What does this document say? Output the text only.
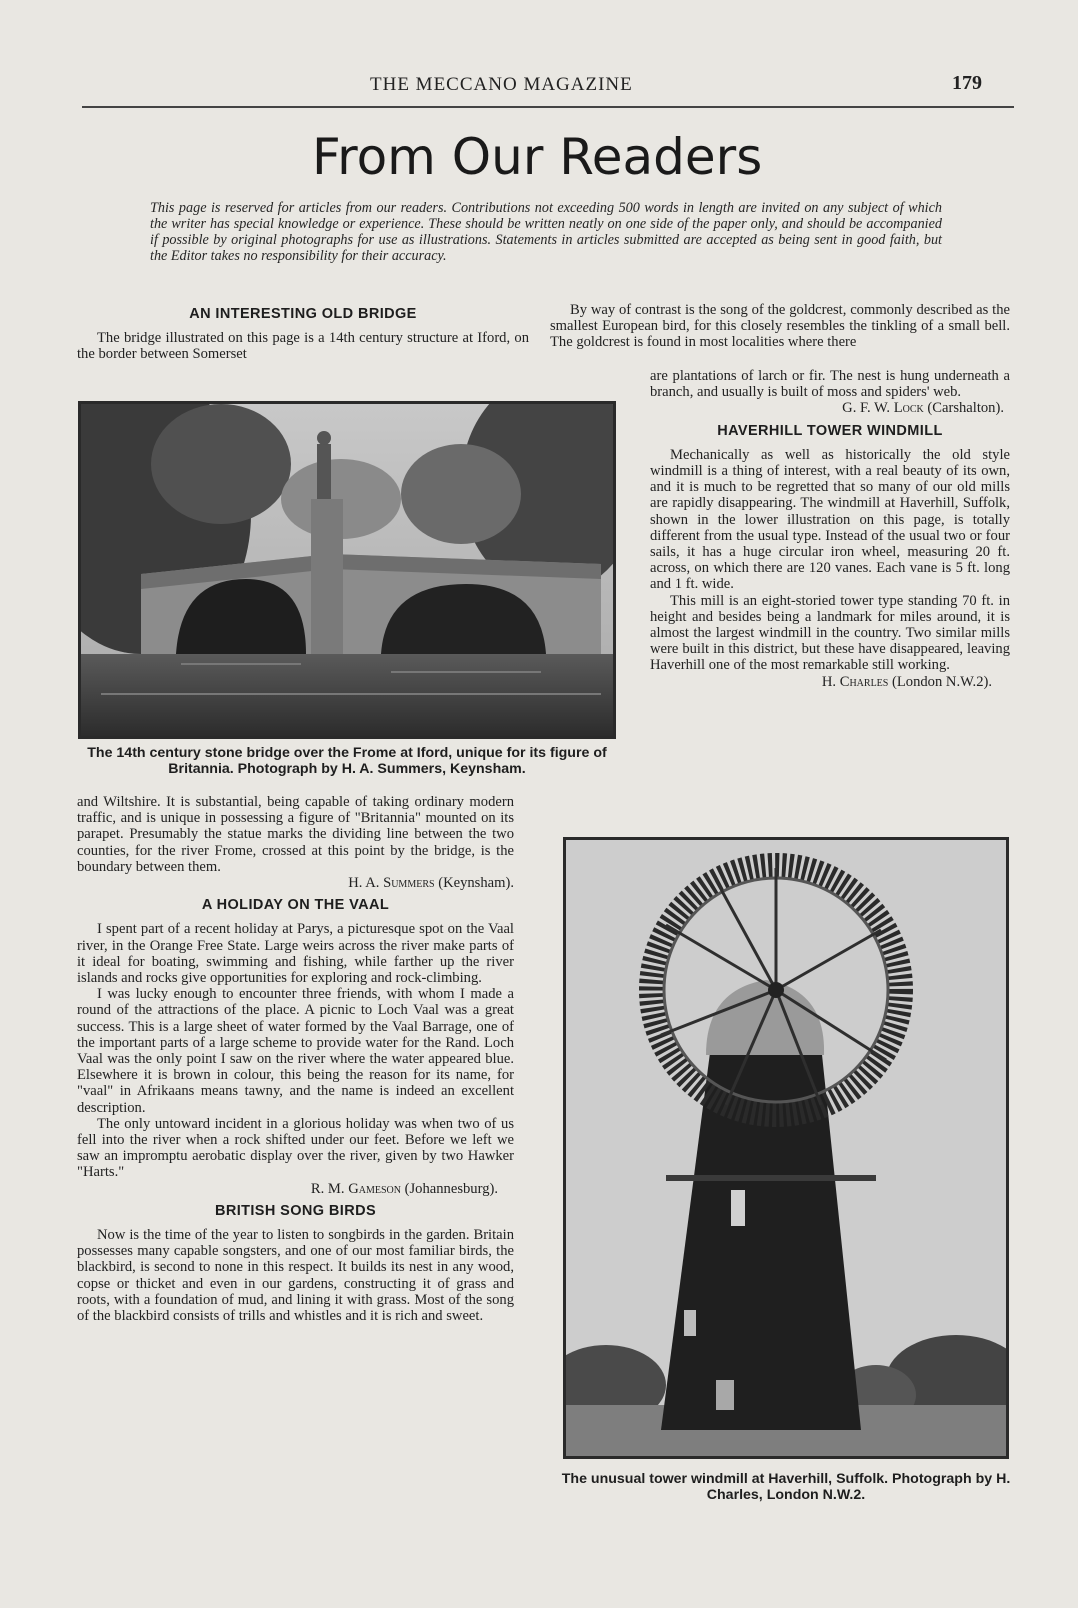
THE MECCANO MAGAZINE	179
From Our Readers
This page is reserved for articles from our readers. Contributions not exceeding 500 words in length are invited on any subject of which the writer has special knowledge or experience. These should be written neatly on one side of the paper only, and should be accompanied if possible by original photographs for use as illustrations. Statements in articles submitted are accepted as being sent in good faith, but the Editor takes no responsibility for their accuracy.
AN INTERESTING OLD BRIDGE

The bridge illustrated on this page is a 14th century structure at Iford, on the border between Somerset

The 14th century stone bridge over the Frome at Iford, unique for its figure of Britannia. Photograph by H. A. Summers, Keynsham.

and Wiltshire. It is substantial, being capable of taking ordinary modern traffic, and is unique in possessing a figure of "Britannia" mounted on its parapet. Presumably the statue marks the dividing line between the two counties, for the river Frome, crossed at this point by the bridge, is the boundary between them.

H. A. Summers (Keynsham).

A HOLIDAY ON THE VAAL

I spent part of a recent holiday at Parys, a picturesque spot on the Vaal river, in the Orange Free State. Large weirs across the river make parts of it ideal for boating, swimming and fishing, while farther up the river islands and rocks give opportunities for exploring and rock-climbing.

I was lucky enough to encounter three friends, with whom I made a round of the attractions of the place. A picnic to Loch Vaal was a great success. This is a large sheet of water formed by the Vaal Barrage, one of the important parts of a large scheme to provide water for the Rand. Loch Vaal was the only point I saw on the river where the water appeared blue. Elsewhere it is brown in colour, this being the reason for its name, for "vaal" in Afrikaans means tawny, and the name is indeed an excellent description.

The only untoward incident in a glorious holiday was when two of us fell into the river when a rock shifted under our feet. Before we left we saw an impromptu aerobatic display over the river, given by two Hawker "Harts."

R. M. Gameson (Johannesburg).

BRITISH SONG BIRDS

Now is the time of the year to listen to songbirds in the garden. Britain possesses many capable songsters, and one of our most familiar birds, the blackbird, is second to none in this respect. It builds its nest in any wood, copse or thicket and even in our gardens, constructing it of grass and roots, with a foundation of mud, and lining it with grass. Most of the song of the blackbird consists of trills and whistles and it is rich and sweet.

By way of contrast is the song of the goldcrest, commonly described as the smallest European bird, for this closely resembles the tinkling of a small bell. The goldcrest is found in most localities where there

are plantations of larch or fir. The nest is hung underneath a branch, and usually is built of moss and spiders' web.

G. F. W. Lock (Carshalton).

HAVERHILL TOWER WINDMILL

Mechanically as well as historically the old style windmill is a thing of interest, with a real beauty of its own, and it is much to be regretted that so many of our old mills are rapidly disappearing. The windmill at Haverhill, Suffolk, shown in the lower illustration on this page, is totally different from the usual type. Instead of the usual two or four sails, it has a huge circular iron wheel, measuring 20 ft. across, on which there are 120 vanes. Each vane is 5 ft. long and 1 ft. wide.

This mill is an eight-storied tower type standing 70 ft. in height and besides being a landmark for miles around, it is almost the largest windmill in the country. Two similar mills were built in this district, but these have disappeared, leaving Haverhill one of the most remarkable still working.

H. Charles (London N.W.2).

The unusual tower windmill at Haverhill, Suffolk. Photograph by H. Charles, London N.W.2.
